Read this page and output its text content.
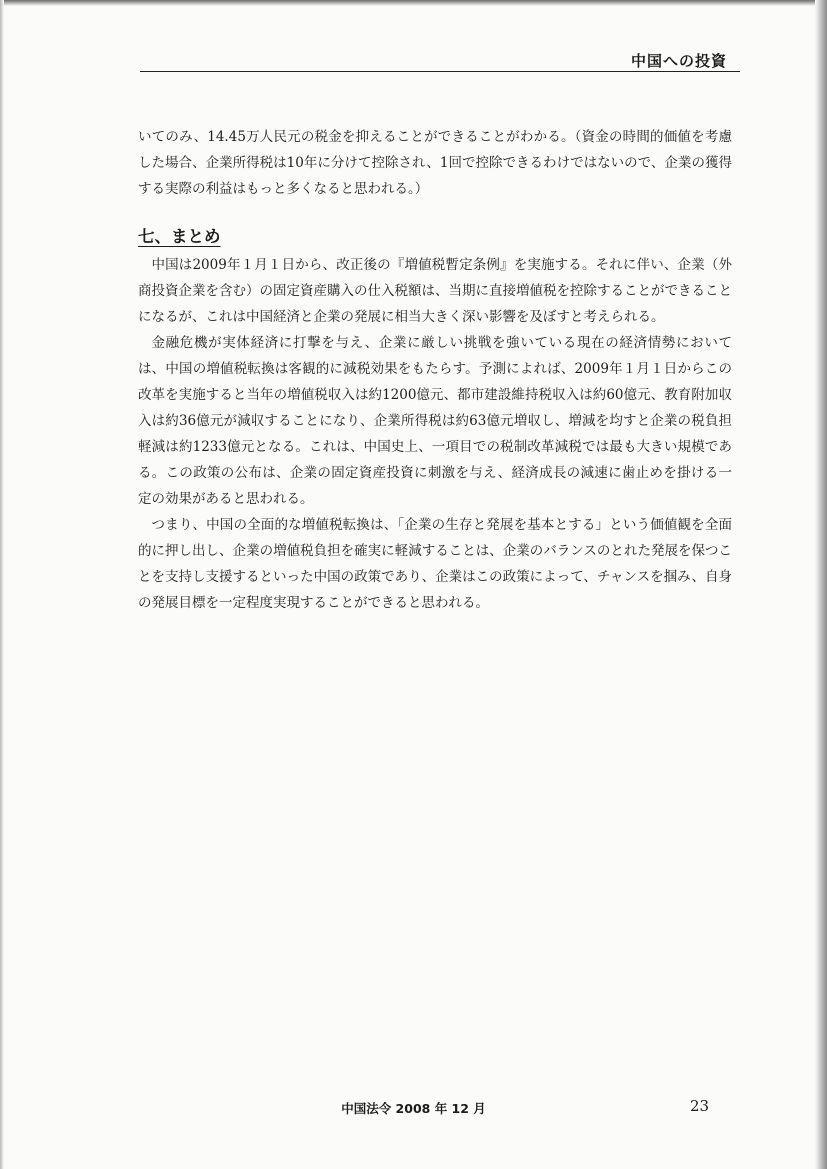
中国への投資

いてのみ、14.45万人民元の税金を抑えることができることがわかる。（資金の時間的価値を考慮した場合、企業所得税は10年に分けて控除され、1回で控除できるわけではないので、企業の獲得する実際の利益はもっと多くなると思われる。）

七、まとめ

中国は2009年１月１日から、改正後の『増値税暫定条例』を実施する。それに伴い、企業（外商投資企業を含む）の固定資産購入の仕入税額は、当期に直接増値税を控除することができることになるが、これは中国経済と企業の発展に相当大きく深い影響を及ぼすと考えられる。

金融危機が実体経済に打撃を与え、企業に厳しい挑戦を強いている現在の経済情勢においては、中国の増値税転換は客観的に減税効果をもたらす。予測によれば、2009年１月１日からこの改革を実施すると当年の増値税収入は約1200億元、都市建設維持税収入は約60億元、教育附加収入は約36億元が減収することになり、企業所得税は約63億元増収し、増減を均すと企業の税負担軽減は約1233億元となる。これは、中国史上、一項目での税制改革減税では最も大きい規模である。この政策の公布は、企業の固定資産投資に刺激を与え、経済成長の減速に歯止めを掛ける一定の効果があると思われる。

つまり、中国の全面的な増値税転換は、「企業の生存と発展を基本とする」という価値観を全面的に押し出し、企業の増値税負担を確実に軽減することは、企業のバランスのとれた発展を保つことを支持し支援するといった中国の政策であり、企業はこの政策によって、チャンスを掴み、自身の発展目標を一定程度実現することができると思われる。

中国法令 2008 年 12 月	23
